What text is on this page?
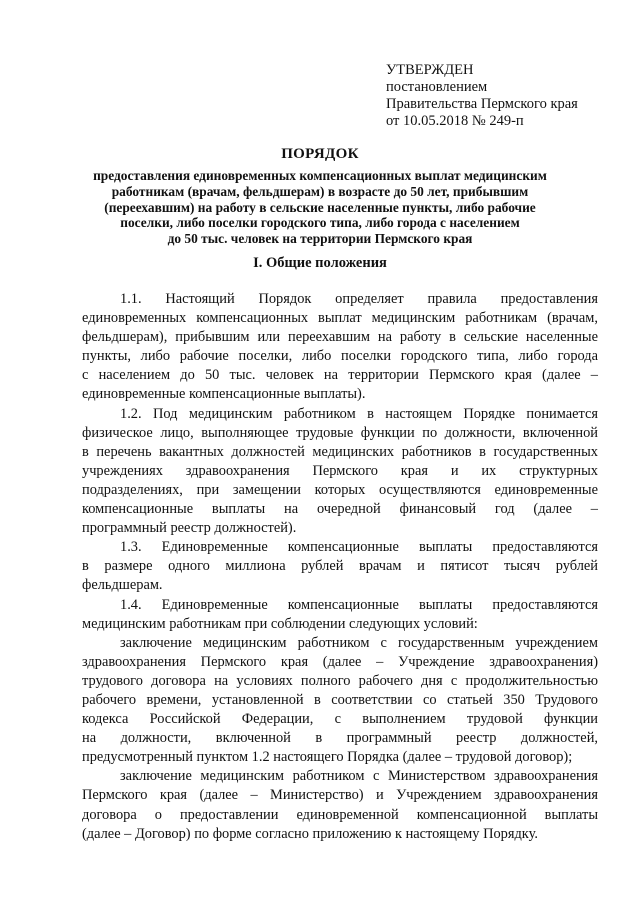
УТВЕРЖДЕН
постановлением
Правительства Пермского края
от 10.05.2018 № 249-п
ПОРЯДОК
предоставления единовременных компенсационных выплат медицинским
работникам (врачам, фельдшерам) в возрасте до 50 лет, прибывшим
(переехавшим) на работу в сельские населенные пункты, либо рабочие
поселки, либо поселки городского типа, либо города с населением
до 50 тыс. человек на территории Пермского края
I. Общие положения
1.1. Настоящий Порядок определяет правила предоставления
единовременных компенсационных выплат медицинским работникам (врачам,
фельдшерам), прибывшим или переехавшим на работу в сельские населенные
пункты, либо рабочие поселки, либо поселки городского типа, либо города
с населением до 50 тыс. человек на территории Пермского края (далее –
единовременные компенсационные выплаты).
1.2. Под медицинским работником в настоящем Порядке понимается
физическое лицо, выполняющее трудовые функции по должности, включенной
в перечень вакантных должностей медицинских работников в государственных
учреждениях здравоохранения Пермского края и их структурных
подразделениях, при замещении которых осуществляются единовременные
компенсационные выплаты на очередной финансовый год (далее –
программный реестр должностей).
1.3. Единовременные компенсационные выплаты предоставляются
в размере одного миллиона рублей врачам и пятисот тысяч рублей
фельдшерам.
1.4. Единовременные компенсационные выплаты предоставляются
медицинским работникам при соблюдении следующих условий:
заключение медицинским работником с государственным учреждением
здравоохранения Пермского края (далее – Учреждение здравоохранения)
трудового договора на условиях полного рабочего дня с продолжительностью
рабочего времени, установленной в соответствии со статьей 350 Трудового
кодекса Российской Федерации, с выполнением трудовой функции
на должности, включенной в программный реестр должностей,
предусмотренный пунктом 1.2 настоящего Порядка (далее – трудовой договор);
заключение медицинским работником с Министерством здравоохранения
Пермского края (далее – Министерство) и Учреждением здравоохранения
договора о предоставлении единовременной компенсационной выплаты
(далее – Договор) по форме согласно приложению к настоящему Порядку.
